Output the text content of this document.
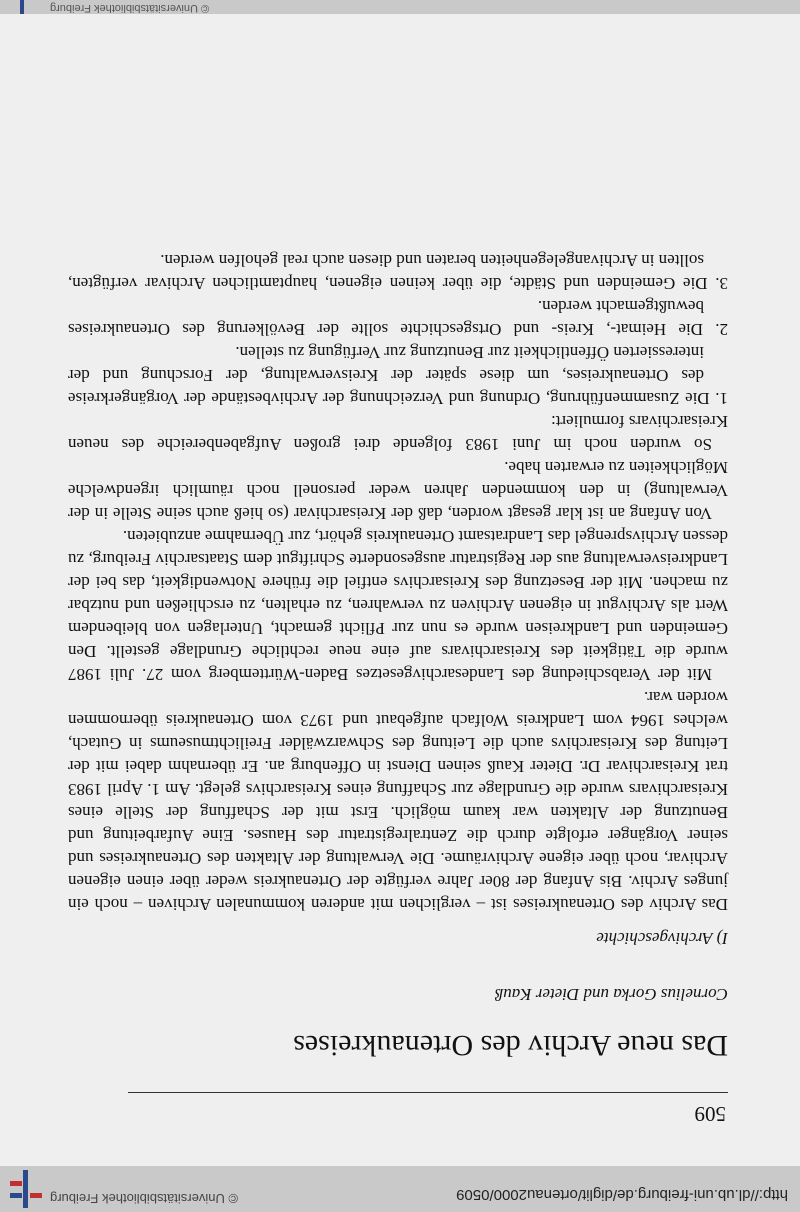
http://dl.ub.uni-freiburg.de/diglit/ortenau2000/0509
© Universitätsbibliothek Freiburg
509
Das neue Archiv des Ortenaukreises
Cornelius Gorka und Dieter Kauß
I) Archivgeschichte

Das Archiv des Ortenaukreises ist – verglichen mit anderen kommunalen Archiven – noch ein junges Archiv. Bis Anfang der 80er Jahre verfügte der Ortenaukreis weder über einen eigenen Archivar, noch über eigene Archivräume. Die Verwaltung der Altakten des Ortenaukreises und seiner Vorgänger erfolgte durch die Zentralregistratur des Hauses. Eine Aufarbeitung und Benutzung der Altakten war kaum möglich. Erst mit der Schaffung der Stelle eines Kreisarchivars wurde die Grundlage zur Schaffung eines Kreisarchivs gelegt. Am 1. April 1983 trat Kreisarchivar Dr. Dieter Kauß seinen Dienst in Offenburg an. Er übernahm dabei mit der Leitung des Kreisarchivs auch die Leitung des Schwarzwälder Freilichtmuseums in Gutach, welches 1964 vom Landkreis Wolfach aufgebaut und 1973 vom Ortenaukreis übernommen worden war.

Mit der Verabschiedung des Landesarchivgesetzes Baden-Württemberg vom 27. Juli 1987 wurde die Tätigkeit des Kreisarchivars auf eine neue rechtliche Grundlage gestellt. Den Gemeinden und Landkreisen wurde es nun zur Pflicht gemacht, Unterlagen von bleibendem Wert als Archivgut in eigenen Archiven zu verwahren, zu erhalten, zu erschließen und nutzbar zu machen. Mit der Besetzung des Kreisarchivs entfiel die frühere Notwendigkeit, das bei der Landkreisverwaltung aus der Registratur ausgesonderte Schriftgut dem Staatsarchiv Freiburg, zu dessen Archivsprengel das Landratsamt Ortenaukreis gehört, zur Übernahme anzubieten.

Von Anfang an ist klar gesagt worden, daß der Kreisarchivar (so hieß auch seine Stelle in der Verwaltung) in den kommenden Jahren weder personell noch räumlich irgendwelche Möglichkeiten zu erwarten habe.

So wurden noch im Juni 1983 folgende drei großen Aufgabenbereiche des neuen Kreisarchivars formuliert:

1. Die Zusammenführung, Ordnung und Verzeichnung der Archivbestände der Vorgängerkreise des Ortenaukreises, um diese später der Kreisverwaltung, der Forschung und der interessierten Öffentlichkeit zur Benutzung zur Verfügung zu stellen.
2. Die Heimat-, Kreis- und Ortsgeschichte sollte der Bevölkerung des Ortenaukreises bewußtgemacht werden.
3. Die Gemeinden und Städte, die über keinen eigenen, hauptamtlichen Archivar verfügten, sollten in Archivangelegenheiten beraten und diesen auch real geholfen werden.
© Universitätsbibliothek Freiburg
